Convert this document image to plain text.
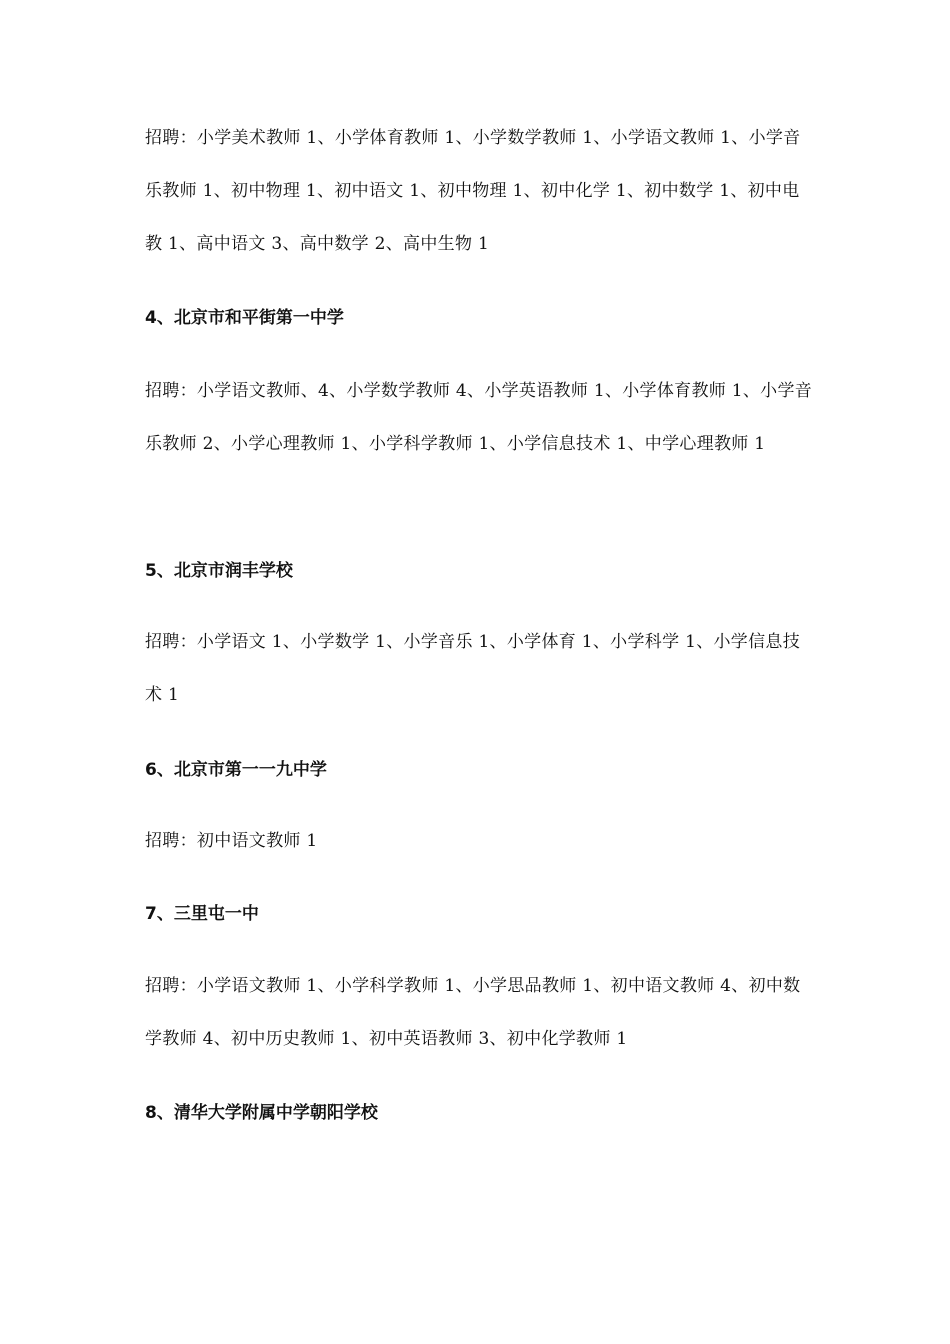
招聘：小学美术教师 1、小学体育教师 1、小学数学教师 1、小学语文教师 1、小学音乐教师 1、初中物理 1、初中语文 1、初中物理 1、初中化学 1、初中数学 1、初中电教 1、高中语文 3、高中数学 2、高中生物 1

4、北京市和平街第一中学

招聘：小学语文教师、4、小学数学教师 4、小学英语教师 1、小学体育教师 1、小学音乐教师 2、小学心理教师 1、小学科学教师 1、小学信息技术 1、中学心理教师 1

5、北京市润丰学校

招聘：小学语文 1、小学数学 1、小学音乐 1、小学体育 1、小学科学 1、小学信息技术 1

6、北京市第一一九中学

招聘：初中语文教师 1

7、三里屯一中

招聘：小学语文教师 1、小学科学教师 1、小学思品教师 1、初中语文教师 4、初中数学教师 4、初中历史教师 1、初中英语教师 3、初中化学教师 1

8、清华大学附属中学朝阳学校
